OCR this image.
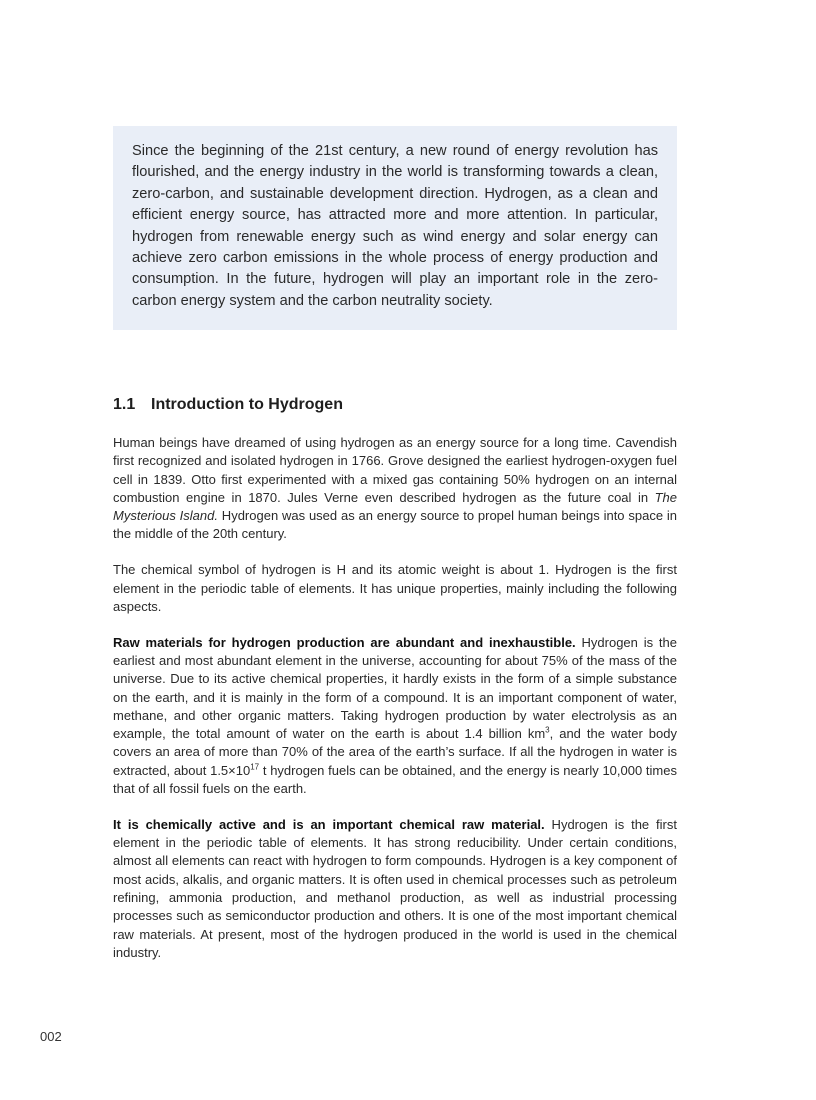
Since the beginning of the 21st century, a new round of energy revolution has flourished, and the energy industry in the world is transforming towards a clean, zero-carbon, and sustainable development direction. Hydrogen, as a clean and efficient energy source, has attracted more and more attention. In particular, hydrogen from renewable energy such as wind energy and solar energy can achieve zero carbon emissions in the whole process of energy production and consumption. In the future, hydrogen will play an important role in the zero-carbon energy system and the carbon neutrality society.

1.1 Introduction to Hydrogen

Human beings have dreamed of using hydrogen as an energy source for a long time. Cavendish first recognized and isolated hydrogen in 1766. Grove designed the earliest hydrogen-oxygen fuel cell in 1839. Otto first experimented with a mixed gas containing 50% hydrogen on an internal combustion engine in 1870. Jules Verne even described hydrogen as the future coal in The Mysterious Island. Hydrogen was used as an energy source to propel human beings into space in the middle of the 20th century.

The chemical symbol of hydrogen is H and its atomic weight is about 1. Hydrogen is the first element in the periodic table of elements. It has unique properties, mainly including the following aspects.

Raw materials for hydrogen production are abundant and inexhaustible. Hydrogen is the earliest and most abundant element in the universe, accounting for about 75% of the mass of the universe. Due to its active chemical properties, it hardly exists in the form of a simple substance on the earth, and it is mainly in the form of a compound. It is an important component of water, methane, and other organic matters. Taking hydrogen production by water electrolysis as an example, the total amount of water on the earth is about 1.4 billion $km^3$, and the water body covers an area of more than 70% of the area of the earth’s surface. If all the hydrogen in water is extracted, about $1.5\times 10^{17}$ t hydrogen fuels can be obtained, and the energy is nearly 10,000 times that of all fossil fuels on the earth.

It is chemically active and is an important chemical raw material. Hydrogen is the first element in the periodic table of elements. It has strong reducibility. Under certain conditions, almost all elements can react with hydrogen to form compounds. Hydrogen is a key component of most acids, alkalis, and organic matters. It is often used in chemical processes such as petroleum refining, ammonia production, and methanol production, as well as industrial processing processes such as semiconductor production and others. It is one of the most important chemical raw materials. At present, most of the hydrogen produced in the world is used in the chemical industry.

002
